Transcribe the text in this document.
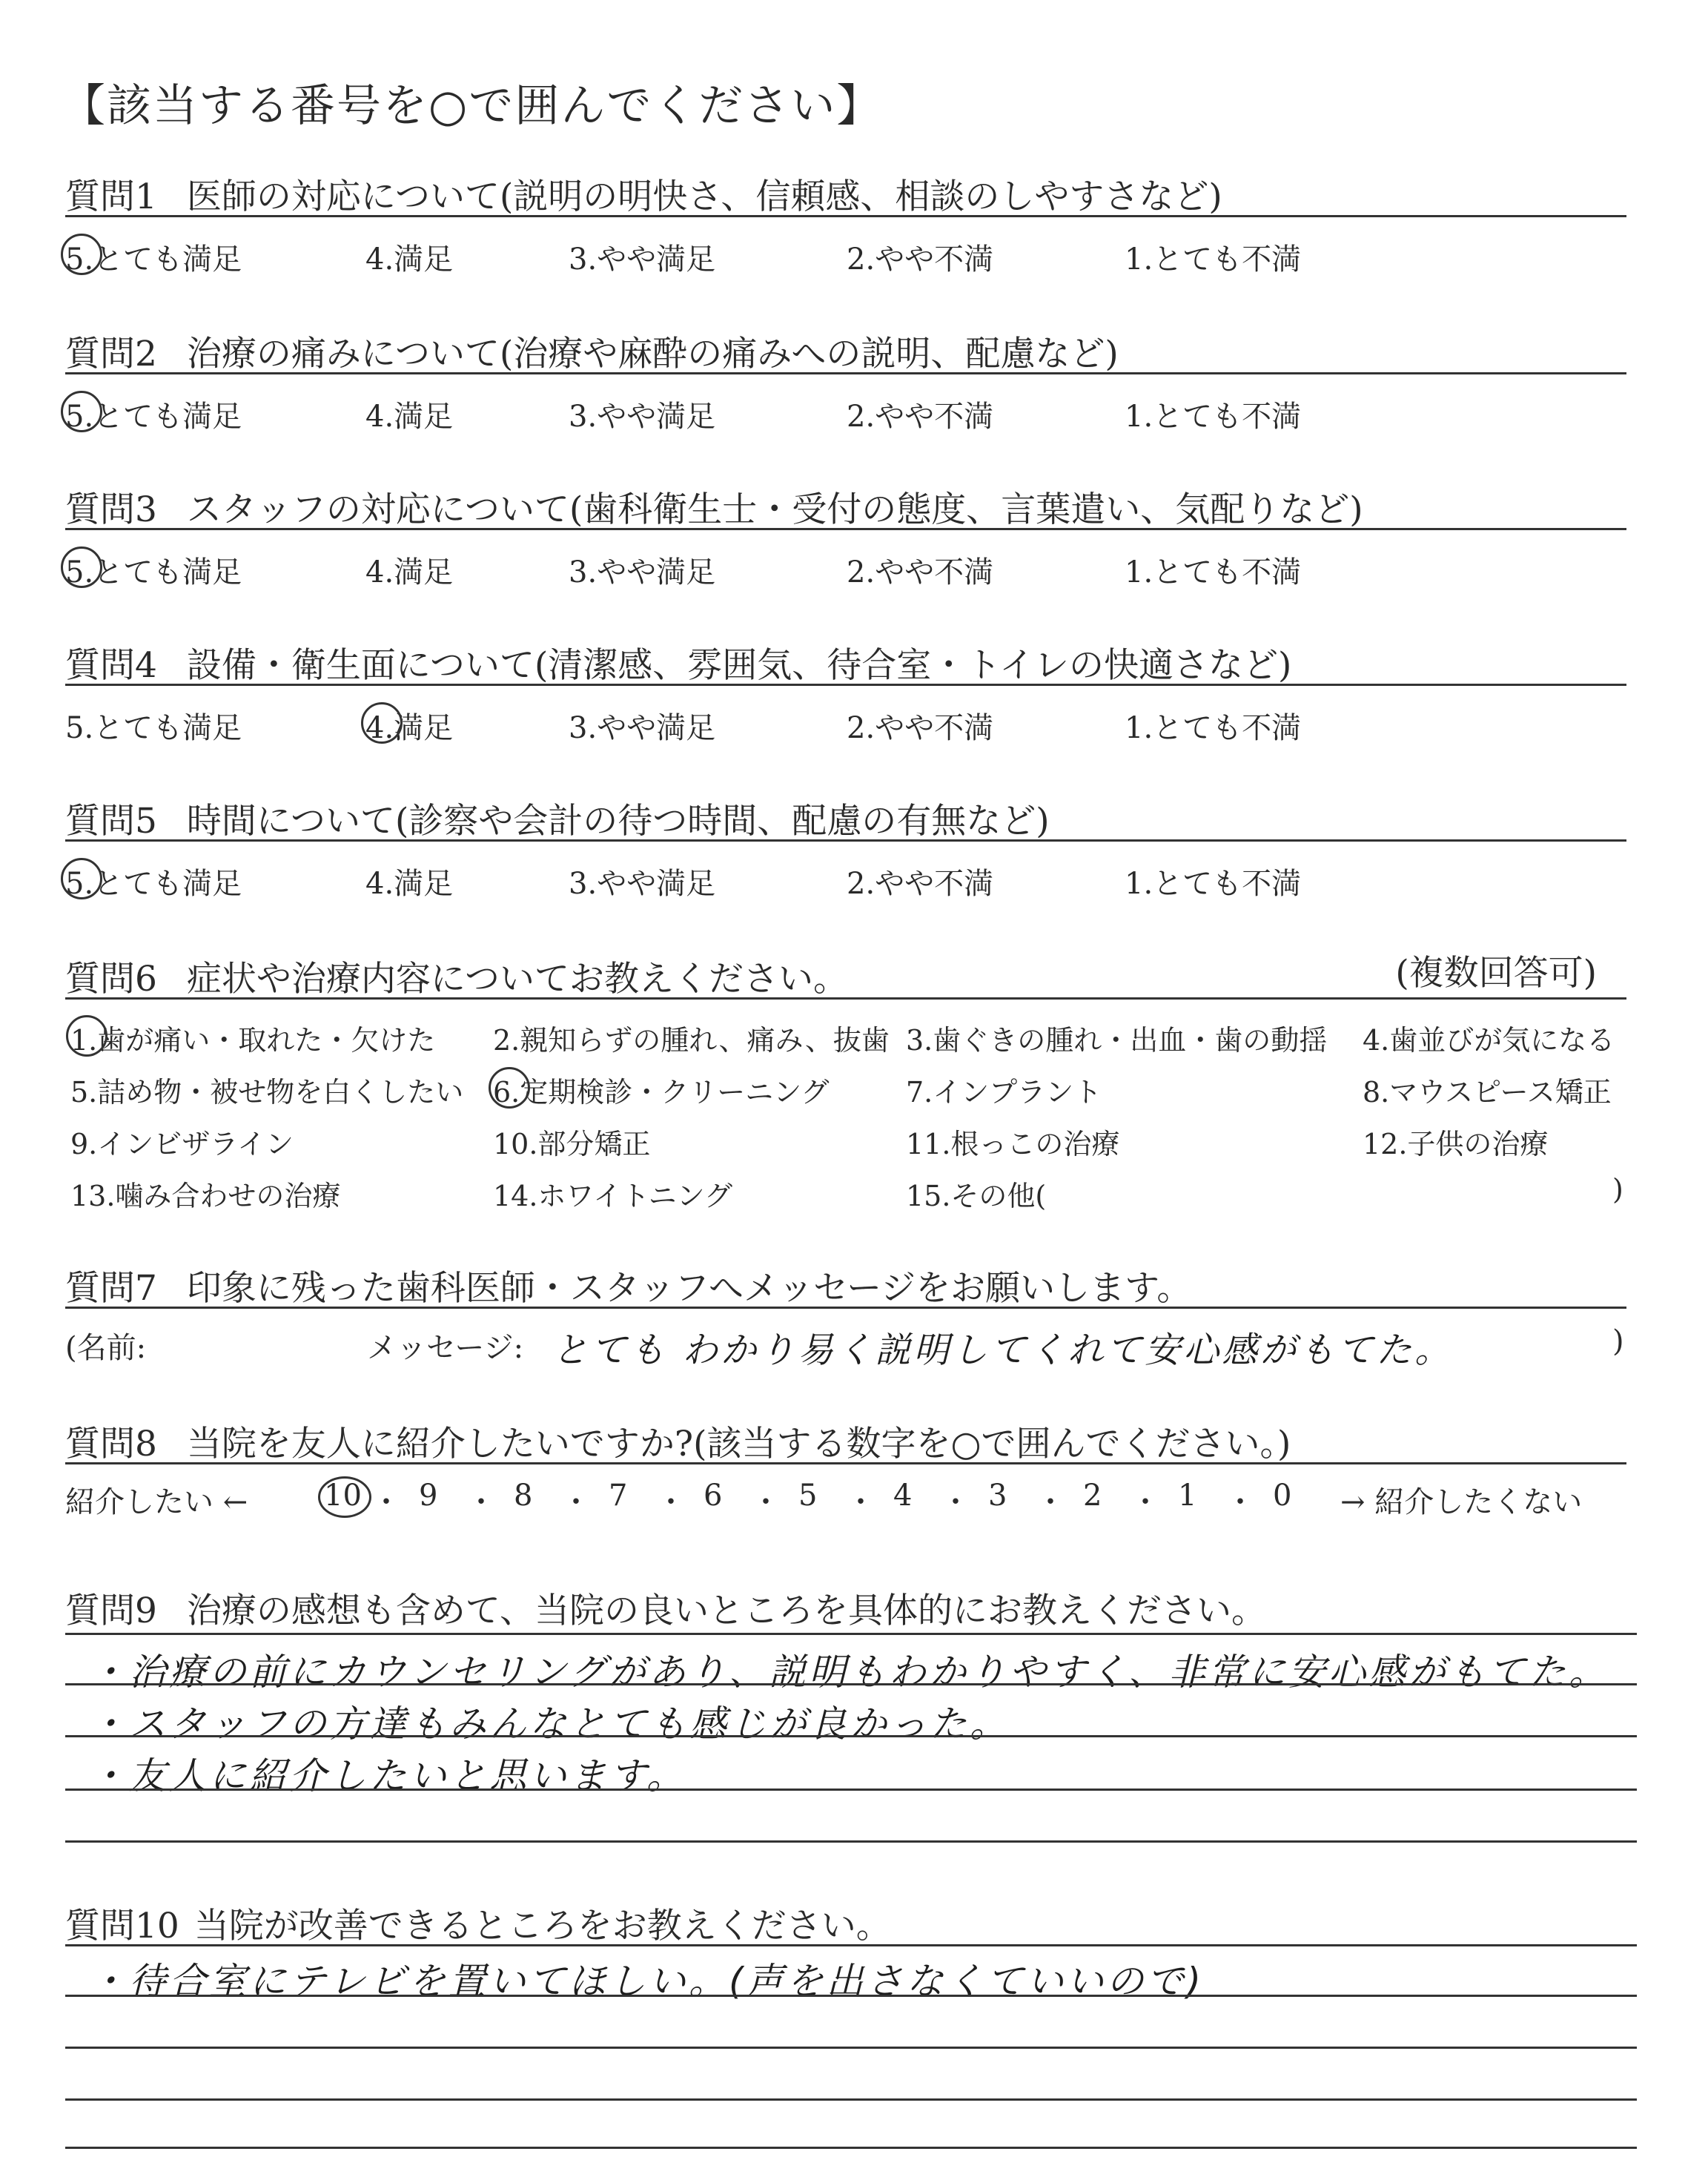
【該当する番号を○で囲んでください】
質問1 医師の対応について(説明の明快さ、信頼感、相談のしやすさなど)
5.とても満足	4.満足	3.やや満足	2.やや不満	1.とても不満
質問2 治療の痛みについて(治療や麻酔の痛みへの説明、配慮など)
5.とても満足	4.満足	3.やや満足	2.やや不満	1.とても不満
質問3 スタッフの対応について(歯科衛生士・受付の態度、言葉遣い、気配りなど)
5.とても満足	4.満足	3.やや満足	2.やや不満	1.とても不満
質問4 設備・衛生面について(清潔感、雰囲気、待合室・トイレの快適さなど)
5.とても満足	4.満足	3.やや満足	2.やや不満	1.とても不満
質問5 時間について(診察や会計の待つ時間、配慮の有無など)
5.とても満足	4.満足	3.やや満足	2.やや不満	1.とても不満
質問6 症状や治療内容についてお教えください。	(複数回答可)
1.歯が痛い・取れた・欠けた 2.親知らずの腫れ、痛み、抜歯 3.歯ぐきの腫れ・出血・歯の動揺 4.歯並びが気になる
5.詰め物・被せ物を白くしたい 6.定期検診・クリーニング	7.インプラント	8.マウスピース矯正
9.インビザライン	10.部分矯正	11.根っこの治療	12.子供の治療
13.噛み合わせの治療	14.ホワイトニング	15.その他(	)
質問7 印象に残った歯科医師・スタッフへメッセージをお願いします。
(名前:	メッセージ: とても わかり易く説明してくれて安心感がもてた。	)
質問8 当院を友人に紹介したいですか?(該当する数字を○で囲んでください。)
紹介したい ←	10 ・ 9 ・ 8 ・ 7 ・ 6 ・ 5 ・ 4 ・ 3 ・ 2 ・ 1 ・ 0 → 紹介したくない
質問9 治療の感想も含めて、当院の良いところを具体的にお教えください。
・治療の前にカウンセリングがあり、説明もわかりやすく、非常に安心感がもてた。
・スタッフの方達もみんなとても感じが良かった。
・友人に紹介したいと思います。
質問10 当院が改善できるところをお教えください。
・待合室にテレビを置いてほしい。(声を出さなくていいので)
